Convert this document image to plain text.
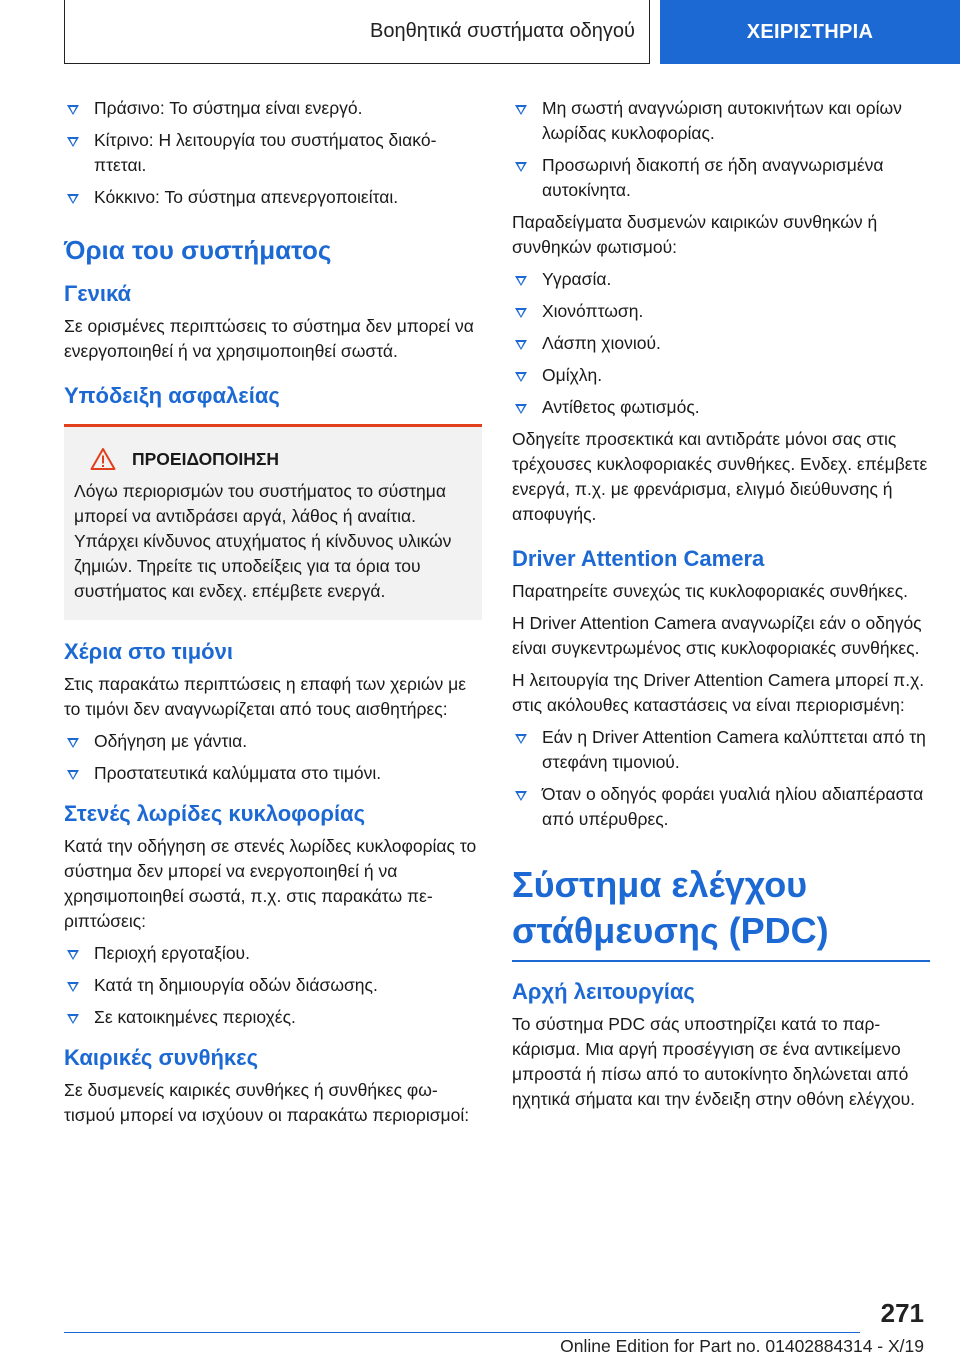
Βοηθητικά συστήματα οδηγού	ΧΕΙΡΙΣΤΗΡΙΑ
Πράσινο: Το σύστημα είναι ενεργό.
Κίτρινο: Η λειτουργία του συστήματος διακόπτεται.
Κόκκινο: Το σύστημα απενεργοποιείται.
Όρια του συστήματος
Γενικά

Σε ορισμένες περιπτώσεις το σύστημα δεν μπορεί να ενεργοποιηθεί ή να χρησιμοποιηθεί σωστά.

Υπόδειξη ασφαλείας
ΠΡΟΕΙΔΟΠΟΙΗΣΗ

Λόγω περιορισμών του συστήματος το σύστημα μπορεί να αντιδράσει αργά, λάθος ή αναίτια. Υπάρχει κίνδυνος ατυχήματος ή κίνδυνος υλικών ζημιών. Τηρείτε τις υποδείξεις για τα όρια του συστήματος και ενδεχ. επέμβετε ενεργά.

Χέρια στο τιμόνι

Στις παρακάτω περιπτώσεις η επαφή των χεριών με το τιμόνι δεν αναγνωρίζεται από τους αισθητήρες:

Οδήγηση με γάντια.
Προστατευτικά καλύμματα στο τιμόνι.
Στενές λωρίδες κυκλοφορίας

Κατά την οδήγηση σε στενές λωρίδες κυκλοφορίας το σύστημα δεν μπορεί να ενεργοποιηθεί ή να χρησιμοποιηθεί σωστά, π.χ. στις παρακάτω περιπτώσεις:

Περιοχή εργοταξίου.
Κατά τη δημιουργία οδών διάσωσης.
Σε κατοικημένες περιοχές.
Καιρικές συνθήκες

Σε δυσμενείς καιρικές συνθήκες ή συνθήκες φωτισμού μπορεί να ισχύουν οι παρακάτω περιορισμοί:

Μη σωστή αναγνώριση αυτοκινήτων και ορίων λωρίδας κυκλοφορίας.
Προσωρινή διακοπή σε ήδη αναγνωρισμένα αυτοκίνητα.

Παραδείγματα δυσμενών καιρικών συνθηκών ή συνθηκών φωτισμού:

Υγρασία.
Χιονόπτωση.
Λάσπη χιονιού.
Ομίχλη.
Αντίθετος φωτισμός.

Οδηγείτε προσεκτικά και αντιδράτε μόνοι σας στις τρέχουσες κυκλοφοριακές συνθήκες. Ενδεχ. επέμβετε ενεργά, π.χ. με φρενάρισμα, ελιγμό διεύθυνσης ή αποφυγής.

Driver Attention Camera

Παρατηρείτε συνεχώς τις κυκλοφοριακές συνθήκες.

Η Driver Attention Camera αναγνωρίζει εάν ο οδηγός είναι συγκεντρωμένος στις κυκλοφοριακές συνθήκες.

Η λειτουργία της Driver Attention Camera μπορεί π.χ. στις ακόλουθες καταστάσεις να είναι περιορισμένη:

Εάν η Driver Attention Camera καλύπτεται από τη στεφάνη τιμονιού.
Όταν ο οδηγός φοράει γυαλιά ηλίου αδιαπέραστα από υπέρυθρες.
Σύστημα ελέγχου στάθμευσης (PDC)
Αρχή λειτουργίας

Το σύστημα PDC σάς υποστηρίζει κατά το παρκάρισμα. Μια αργή προσέγγιση σε ένα αντικείμενο μπροστά ή πίσω από το αυτοκίνητο δηλώνεται από ηχητικά σήματα και την ένδειξη στην οθόνη ελέγχου.

271
Online Edition for Part no. 01402884314 - X/19
